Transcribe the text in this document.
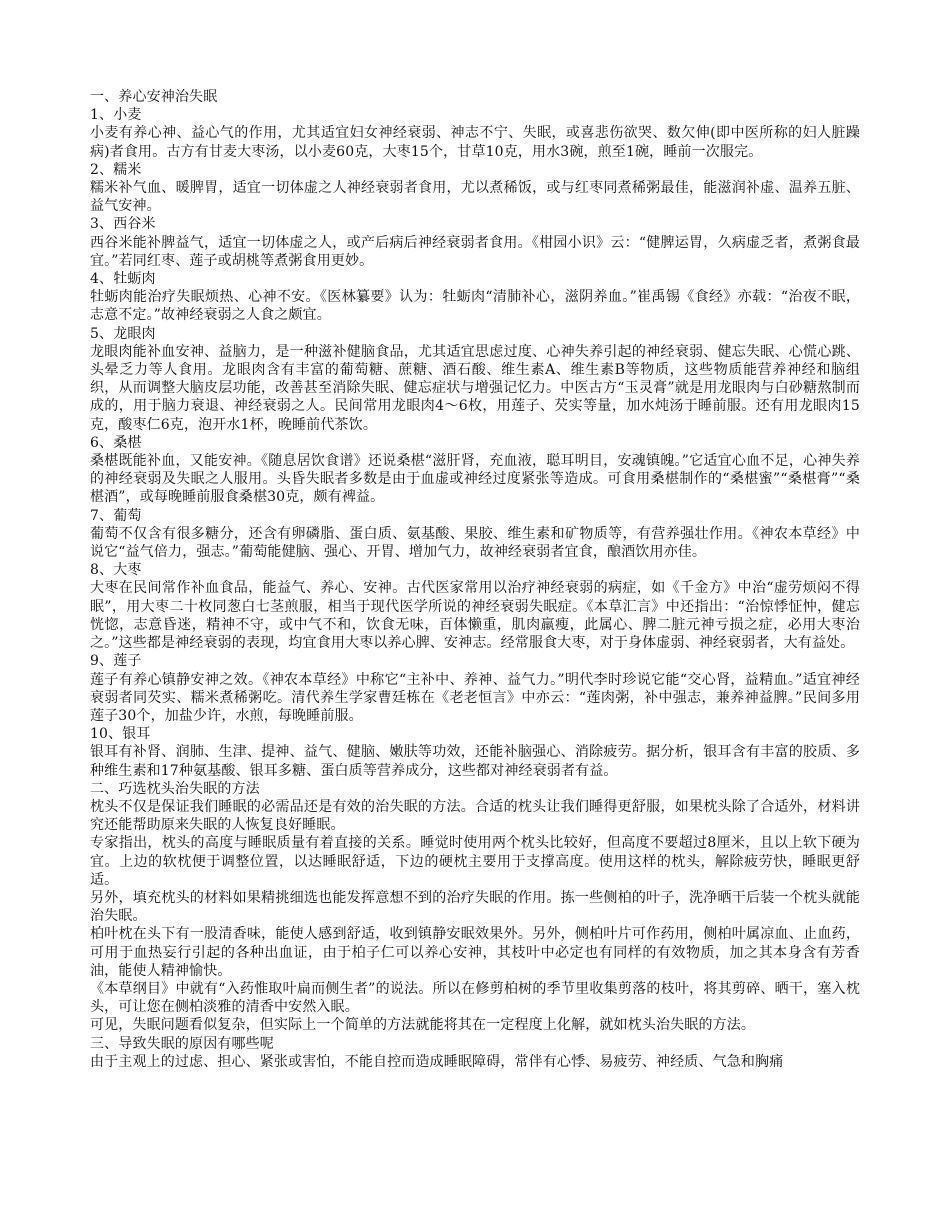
一、养心安神治失眠

1、小麦

小麦有养心神、益心气的作用，尤其适宜妇女神经衰弱、神志不宁、失眠，或喜悲伤欲哭、数欠伸(即中医所称的妇人脏躁病)者食用。古方有甘麦大枣汤，以小麦60克，大枣15个，甘草10克，用水3碗，煎至1碗，睡前一次服完。

2、糯米

糯米补气血、暖脾胃，适宜一切体虚之人神经衰弱者食用，尤以煮稀饭，或与红枣同煮稀粥最佳，能滋润补虚、温养五脏、益气安神。

3、西谷米

西谷米能补脾益气，适宜一切体虚之人，或产后病后神经衰弱者食用。《柑园小识》云：“健脾运胃，久病虚乏者，煮粥食最宜。”若同红枣、莲子或胡桃等煮粥食用更妙。

4、牡蛎肉

牡蛎肉能治疗失眠烦热、心神不安。《医林纂要》认为：牡蛎肉“清肺补心，滋阴养血。”崔禹锡《食经》亦载：“治夜不眠，志意不定。”故神经衰弱之人食之颇宜。

5、龙眼肉

龙眼肉能补血安神、益脑力，是一种滋补健脑食品，尤其适宜思虑过度、心神失养引起的神经衰弱、健忘失眠、心慌心跳、头晕乏力等人食用。龙眼肉含有丰富的葡萄糖、蔗糖、酒石酸、维生素A、维生素B等物质，这些物质能营养神经和脑组织，从而调整大脑皮层功能，改善甚至消除失眠、健忘症状与增强记忆力。中医古方“玉灵膏”就是用龙眼肉与白砂糖熬制而成的，用于脑力衰退、神经衰弱之人。民间常用龙眼肉4～6枚，用莲子、芡实等量，加水炖汤于睡前服。还有用龙眼肉15克，酸枣仁6克，泡开水1杯，晚睡前代茶饮。

6、桑椹

桑椹既能补血，又能安神。《随息居饮食谱》还说桑椹“滋肝肾，充血液，聪耳明目，安魂镇魄。”它适宜心血不足，心神失养的神经衰弱及失眠之人服用。头昏失眠者多数是由于血虚或神经过度紧张等造成。可食用桑椹制作的“桑椹蜜”“桑椹膏”“桑椹酒”，或每晚睡前服食桑椹30克，颇有裨益。

7、葡萄

葡萄不仅含有很多糖分，还含有卵磷脂、蛋白质、氨基酸、果胶、维生素和矿物质等，有营养强壮作用。《神农本草经》中说它“益气倍力，强志。”葡萄能健脑、强心、开胃、增加气力，故神经衰弱者宜食，酿酒饮用亦佳。

8、大枣

大枣在民间常作补血食品，能益气、养心、安神。古代医家常用以治疗神经衰弱的病症，如《千金方》中治“虚劳烦闷不得眠”，用大枣二十枚同葱白七茎煎服，相当于现代医学所说的神经衰弱失眠症。《本草汇言》中还指出：“治惊悸怔忡，健忘恍惚，志意昏迷，精神不守，或中气不和，饮食无味，百体懒重，肌肉羸瘦，此属心、脾二脏元神亏损之症，必用大枣治之。”这些都是神经衰弱的表现，均宜食用大枣以养心脾、安神志。经常服食大枣，对于身体虚弱、神经衰弱者，大有益处。

9、莲子

莲子有养心镇静安神之效。《神农本草经》中称它“主补中、养神、益气力。”明代李时珍说它能“交心肾，益精血。”适宜神经衰弱者同芡实、糯米煮稀粥吃。清代养生学家曹廷栋在《老老恒言》中亦云：“莲肉粥，补中强志，兼养神益脾。”民间多用莲子30个，加盐少许，水煎，每晚睡前服。

10、银耳

银耳有补肾、润肺、生津、提神、益气、健脑、嫩肤等功效，还能补脑强心、消除疲劳。据分析，银耳含有丰富的胶质、多种维生素和17种氨基酸、银耳多糖、蛋白质等营养成分，这些都对神经衰弱者有益。

二、巧选枕头治失眠的方法

枕头不仅是保证我们睡眠的必需品还是有效的治失眠的方法。合适的枕头让我们睡得更舒服，如果枕头除了合适外，材料讲究还能帮助原来失眠的人恢复良好睡眠。

专家指出，枕头的高度与睡眠质量有着直接的关系。睡觉时使用两个枕头比较好，但高度不要超过8厘米，且以上软下硬为宜。上边的软枕便于调整位置，以达睡眠舒适，下边的硬枕主要用于支撑高度。使用这样的枕头，解除疲劳快，睡眠更舒适。

另外，填充枕头的材料如果精挑细选也能发挥意想不到的治疗失眠的作用。拣一些侧柏的叶子，洗净晒干后装一个枕头就能治失眠。

柏叶枕在头下有一股清香味，能使人感到舒适，收到镇静安眠效果外。另外，侧柏叶片可作药用，侧柏叶属凉血、止血药，可用于血热妄行引起的各种出血证，由于柏子仁可以养心安神，其枝叶中必定也有同样的有效物质，加之其本身含有芳香油，能使人精神愉快。

《本草纲目》中就有“入药惟取叶扁而侧生者”的说法。所以在修剪柏树的季节里收集剪落的枝叶，将其剪碎、晒干，塞入枕头，可让您在侧柏淡雅的清香中安然入眠。

可见，失眠问题看似复杂，但实际上一个简单的方法就能将其在一定程度上化解，就如枕头治失眠的方法。

三、导致失眠的原因有哪些呢

由于主观上的过虑、担心、紧张或害怕，不能自控而造成睡眠障碍，常伴有心悸、易疲劳、神经质、气急和胸痛
